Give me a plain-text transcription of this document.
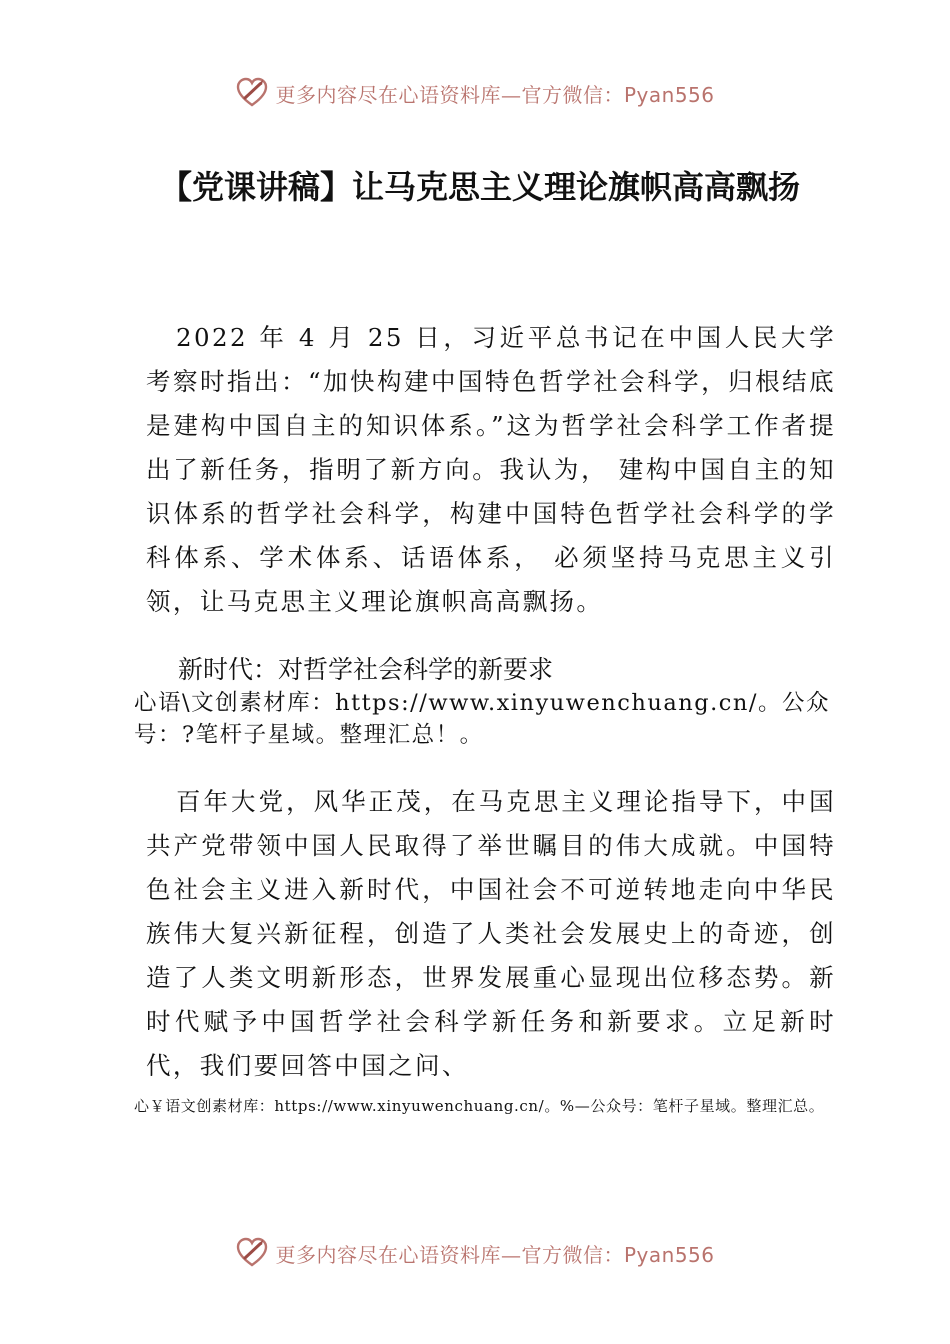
更多内容尽在心语资料库—官方微信：Pyan556
【党课讲稿】让马克思主义理论旗帜高高飘扬

2022 年 4 月 25 日，习近平总书记在中国人民大学考察时指出：“加快构建中国特色哲学社会科学，归根结底是建构中国自主的知识体系。”这为哲学社会科学工作者提出了新任务，指明了新方向。我认为， 建构中国自主的知识体系的哲学社会科学，构建中国特色哲学社会科学的学科体系、学术体系、话语体系， 必须坚持马克思主义引领，让马克思主义理论旗帜高高飘扬。

新时代：对哲学社会科学的新要求

心语\文创素材库：https://www.xinyuwenchuang.cn/。公众号：?笔杆子星域。整理汇总！。

百年大党，风华正茂，在马克思主义理论指导下，中国共产党带领中国人民取得了举世瞩目的伟大成就。中国特色社会主义进入新时代，中国社会不可逆转地走向中华民族伟大复兴新征程，创造了人类社会发展史上的奇迹，创造了人类文明新形态，世界发展重心显现出位移态势。新时代赋予中国哲学社会科学新任务和新要求。立足新时代，我们要回答中国之问、

心￥语文创素材库：https://www.xinyuwenchuang.cn/。%—公众号：笔杆子星域。整理汇总。

更多内容尽在心语资料库—官方微信：Pyan556
